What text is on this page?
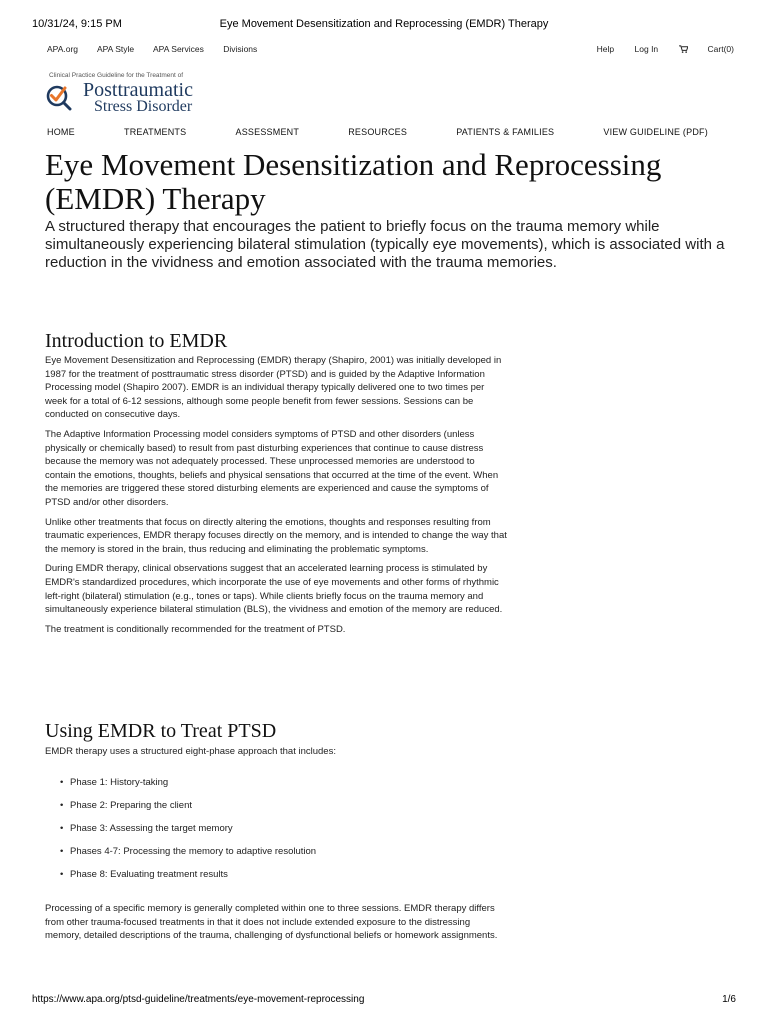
10/31/24, 9:15 PM	Eye Movement Desensitization and Reprocessing (EMDR) Therapy
APA.org APA Style APA Services Divisions	Help Log In	Cart(0)
Clinical Practice Guideline for the Treatment of
Posttraumatic
Stress Disorder
HOME	TREATMENTS	ASSESSMENT	RESOURCES	PATIENTS & FAMILIES	VIEW GUIDELINE (PDF)
Eye Movement Desensitization and Reprocessing (EMDR) Therapy

A structured therapy that encourages the patient to briefly focus on the trauma memory while simultaneously experiencing bilateral stimulation (typically eye movements), which is associated with a reduction in the vividness and emotion associated with the trauma memories.

Introduction to EMDR

Eye Movement Desensitization and Reprocessing (EMDR) therapy (Shapiro, 2001) was initially developed in 1987 for the treatment of posttraumatic stress disorder (PTSD) and is guided by the Adaptive Information Processing model (Shapiro 2007). EMDR is an individual therapy typically delivered one to two times per week for a total of 6-12 sessions, although some people benefit from fewer sessions. Sessions can be conducted on consecutive days.

The Adaptive Information Processing model considers symptoms of PTSD and other disorders (unless physically or chemically based) to result from past disturbing experiences that continue to cause distress because the memory was not adequately processed. These unprocessed memories are understood to contain the emotions, thoughts, beliefs and physical sensations that occurred at the time of the event. When the memories are triggered these stored disturbing elements are experienced and cause the symptoms of PTSD and/or other disorders.

Unlike other treatments that focus on directly altering the emotions, thoughts and responses resulting from traumatic experiences, EMDR therapy focuses directly on the memory, and is intended to change the way that the memory is stored in the brain, thus reducing and eliminating the problematic symptoms.

During EMDR therapy, clinical observations suggest that an accelerated learning process is stimulated by EMDR's standardized procedures, which incorporate the use of eye movements and other forms of rhythmic left-right (bilateral) stimulation (e.g., tones or taps). While clients briefly focus on the trauma memory and simultaneously experience bilateral stimulation (BLS), the vividness and emotion of the memory are reduced.

The treatment is conditionally recommended for the treatment of PTSD.

Using EMDR to Treat PTSD
EMDR therapy uses a structured eight-phase approach that includes:
• Phase 1: History-taking
• Phase 2: Preparing the client
• Phase 3: Assessing the target memory
• Phases 4-7: Processing the memory to adaptive resolution
• Phase 8: Evaluating treatment results
Processing of a specific memory is generally completed within one to three sessions. EMDR therapy differs from other trauma-focused treatments in that it does not include extended exposure to the distressing memory, detailed descriptions of the trauma, challenging of dysfunctional beliefs or homework assignments.
https://www.apa.org/ptsd-guideline/treatments/eye-movement-reprocessing	1/6
